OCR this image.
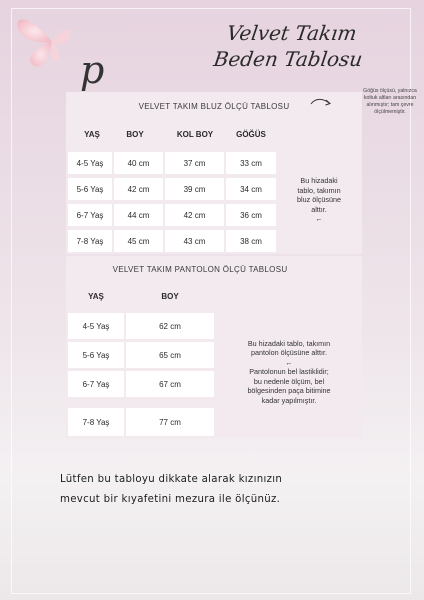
p
Velvet Takım
Beden Tablosu
Göğüs ölçüsü, yalnızca koltuk altları arasından alınmıştır; tam çevre ölçülmemiştir.
VELVET TAKIM BLUZ ÖLÇÜ TABLOSU
YAŞ	BOY	KOL BOY	GÖĞÜS
4-5 Yaş	40 cm	37 cm	33 cm
5-6 Yaş	42 cm	39 cm	34 cm
6-7 Yaş	44 cm	42 cm	36 cm
7-8 Yaş	45 cm	43 cm	38 cm
Bu hizadaki
tablo, takımın
bluz ölçüsüne
alttır.
←
VELVET TAKIM PANTOLON ÖLÇÜ TABLOSU
YAŞ	BOY
4-5 Yaş	62 cm
5-6 Yaş	65 cm
6-7 Yaş	67 cm
7-8 Yaş	77 cm
Bu hizadaki tablo, takımın
pantolon ölçüsüne alttır.
←
Pantolonun bel lastiklidir;
bu nedenle ölçüm, bel
bölgesinden paça bitimine
kadar yapılmıştır.
Lütfen bu tabloyu dikkate alarak kızınızın
mevcut bir kıyafetini mezura ile ölçünüz.
